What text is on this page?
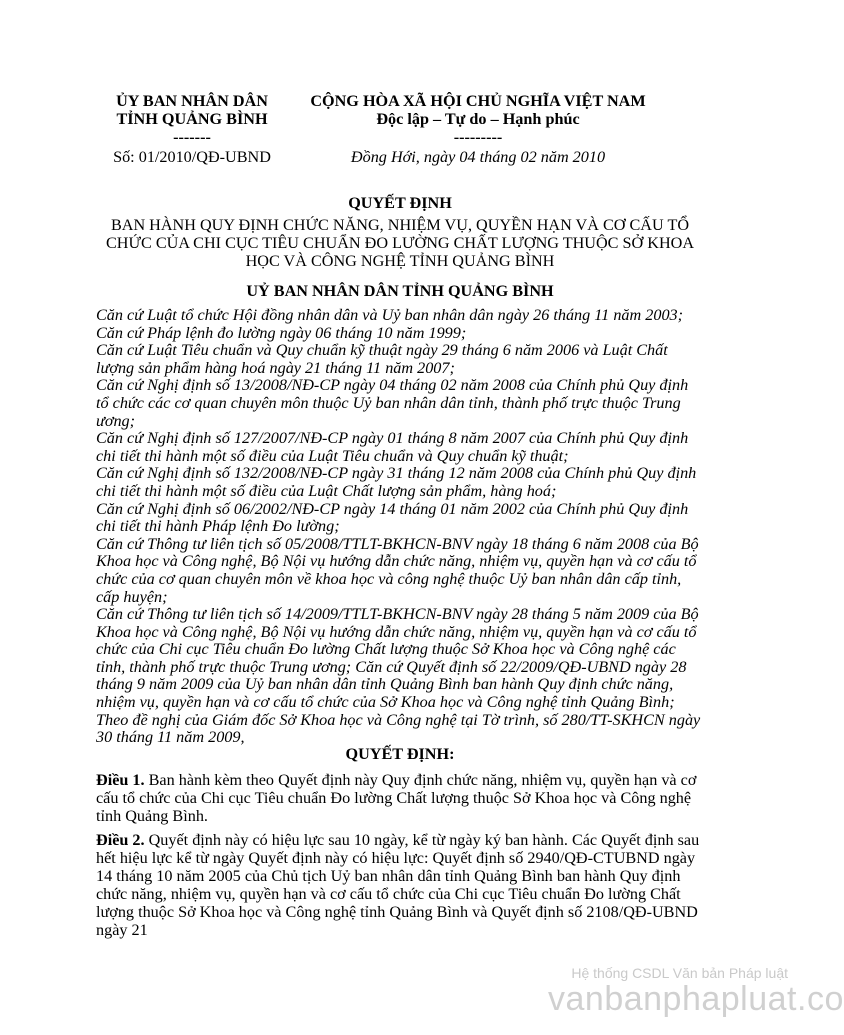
ỦY BAN NHÂN DÂN
TỈNH QUẢNG BÌNH
-------
Số: 01/2010/QĐ-UBND
CỘNG HÒA XÃ HỘI CHỦ NGHĨA VIỆT NAM
Độc lập – Tự do – Hạnh phúc
---------
Đồng Hới, ngày 04 tháng 02 năm 2010
QUYẾT ĐỊNH
BAN HÀNH QUY ĐỊNH CHỨC NĂNG, NHIỆM VỤ, QUYỀN HẠN VÀ CƠ CẤU TỔ CHỨC CỦA CHI CỤC TIÊU CHUẨN ĐO LƯỜNG CHẤT LƯỢNG THUỘC SỞ KHOA HỌC VÀ CÔNG NGHỆ TỈNH QUẢNG BÌNH
UỶ BAN NHÂN DÂN TỈNH QUẢNG BÌNH

Căn cứ Luật tổ chức Hội đồng nhân dân và Uỷ ban nhân dân ngày 26 tháng 11 năm 2003;

Căn cứ Pháp lệnh đo lường ngày 06 tháng 10 năm 1999;

Căn cứ Luật Tiêu chuẩn và Quy chuẩn kỹ thuật ngày 29 tháng 6 năm 2006 và Luật Chất lượng sản phẩm hàng hoá ngày 21 tháng 11 năm 2007;

Căn cứ Nghị định số 13/2008/NĐ-CP ngày 04 tháng 02 năm 2008 của Chính phủ Quy định tổ chức các cơ quan chuyên môn thuộc Uỷ ban nhân dân tỉnh, thành phố trực thuộc Trung ương;

Căn cứ Nghị định số 127/2007/NĐ-CP ngày 01 tháng 8 năm 2007 của Chính phủ Quy định chi tiết thi hành một số điều của Luật Tiêu chuẩn và Quy chuẩn kỹ thuật;

Căn cứ Nghị định số 132/2008/NĐ-CP ngày 31 tháng 12 năm 2008 của Chính phủ Quy định chi tiết thi hành một số điều của Luật Chất lượng sản phẩm, hàng hoá;

Căn cứ Nghị định số 06/2002/NĐ-CP ngày 14 tháng 01 năm 2002 của Chính phủ Quy định chi tiết thi hành Pháp lệnh Đo lường;

Căn cứ Thông tư liên tịch số 05/2008/TTLT-BKHCN-BNV ngày 18 tháng 6 năm 2008 của Bộ Khoa học và Công nghệ, Bộ Nội vụ hướng dẫn chức năng, nhiệm vụ, quyền hạn và cơ cấu tổ chức của cơ quan chuyên môn về khoa học và công nghệ thuộc Uỷ ban nhân dân cấp tỉnh, cấp huyện;

Căn cứ Thông tư liên tịch số 14/2009/TTLT-BKHCN-BNV ngày 28 tháng 5 năm 2009 của Bộ Khoa học và Công nghệ, Bộ Nội vụ hướng dẫn chức năng, nhiệm vụ, quyền hạn và cơ cấu tổ chức của Chi cục Tiêu chuẩn Đo lường Chất lượng thuộc Sở Khoa học và Công nghệ các tỉnh, thành phố trực thuộc Trung ương; Căn cứ Quyết định số 22/2009/QĐ-UBND ngày 28 tháng 9 năm 2009 của Uỷ ban nhân dân tỉnh Quảng Bình ban hành Quy định chức năng, nhiệm vụ, quyền hạn và cơ cấu tổ chức của Sở Khoa học và Công nghệ tỉnh Quảng Bình;

Theo đề nghị của Giám đốc Sở Khoa học và Công nghệ tại Tờ trình, số 280/TT-SKHCN ngày 30 tháng 11 năm 2009,

QUYẾT ĐỊNH:

Điều 1. Ban hành kèm theo Quyết định này Quy định chức năng, nhiệm vụ, quyền hạn và cơ cấu tổ chức của Chi cục Tiêu chuẩn Đo lường Chất lượng thuộc Sở Khoa học và Công nghệ tỉnh Quảng Bình.

Điều 2. Quyết định này có hiệu lực sau 10 ngày, kể từ ngày ký ban hành. Các Quyết định sau hết hiệu lực kể từ ngày Quyết định này có hiệu lực: Quyết định số 2940/QĐ-CTUBND ngày 14 tháng 10 năm 2005 của Chủ tịch Uỷ ban nhân dân tỉnh Quảng Bình ban hành Quy định chức năng, nhiệm vụ, quyền hạn và cơ cấu tổ chức của Chi cục Tiêu chuẩn Đo lường Chất lượng thuộc Sở Khoa học và Công nghệ tỉnh Quảng Bình và Quyết định số 2108/QĐ-UBND ngày 21

Hệ thống CSDL Văn bản Pháp luật
vanbanphapluat.co
